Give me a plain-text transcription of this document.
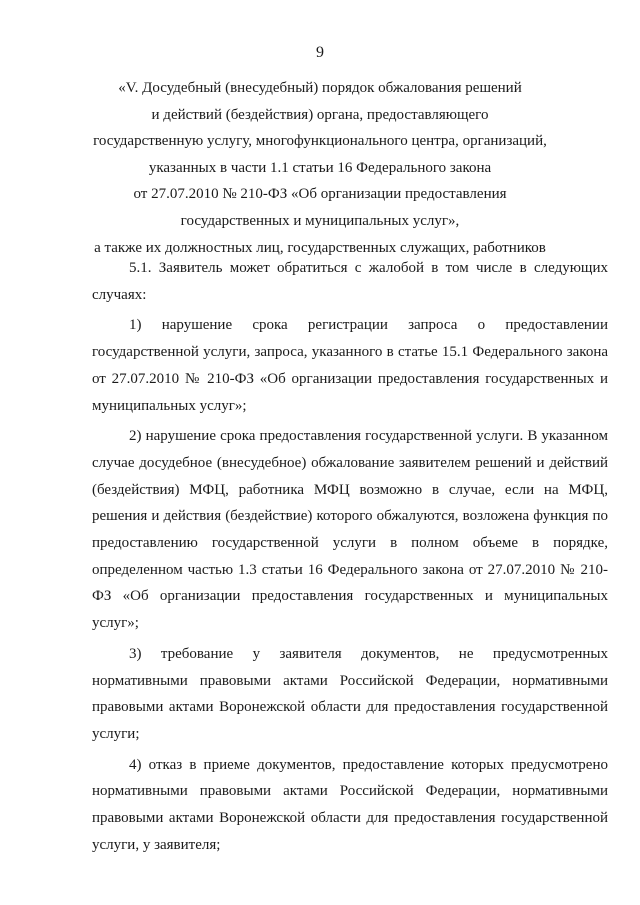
9
«V. Досудебный (внесудебный) порядок обжалования решений
и действий (бездействия) органа, предоставляющего
государственную услугу, многофункционального центра, организаций,
указанных в части 1.1 статьи 16 Федерального закона
от 27.07.2010 № 210-ФЗ «Об организации предоставления
государственных и муниципальных услуг»,
а также их должностных лиц, государственных служащих, работников

5.1. Заявитель может обратиться с жалобой в том числе в следующих случаях:

1) нарушение срока регистрации запроса о предоставлении государственной услуги, запроса, указанного в статье 15.1 Федерального закона от 27.07.2010 № 210-ФЗ «Об организации предоставления государственных и муниципальных услуг»;

2) нарушение срока предоставления государственной услуги. В указанном случае досудебное (внесудебное) обжалование заявителем решений и действий (бездействия) МФЦ, работника МФЦ возможно в случае, если на МФЦ, решения и действия (бездействие) которого обжалуются, возложена функция по предоставлению государственной услуги в полном объеме в порядке, определенном частью 1.3 статьи 16 Федерального закона от 27.07.2010 № 210-ФЗ «Об организации предоставления государственных и муниципальных услуг»;

3) требование у заявителя документов, не предусмотренных нормативными правовыми актами Российской Федерации, нормативными правовыми актами Воронежской области для предоставления государственной услуги;

4) отказ в приеме документов, предоставление которых предусмотрено нормативными правовыми актами Российской Федерации, нормативными правовыми актами Воронежской области для предоставления государственной услуги, у заявителя;
